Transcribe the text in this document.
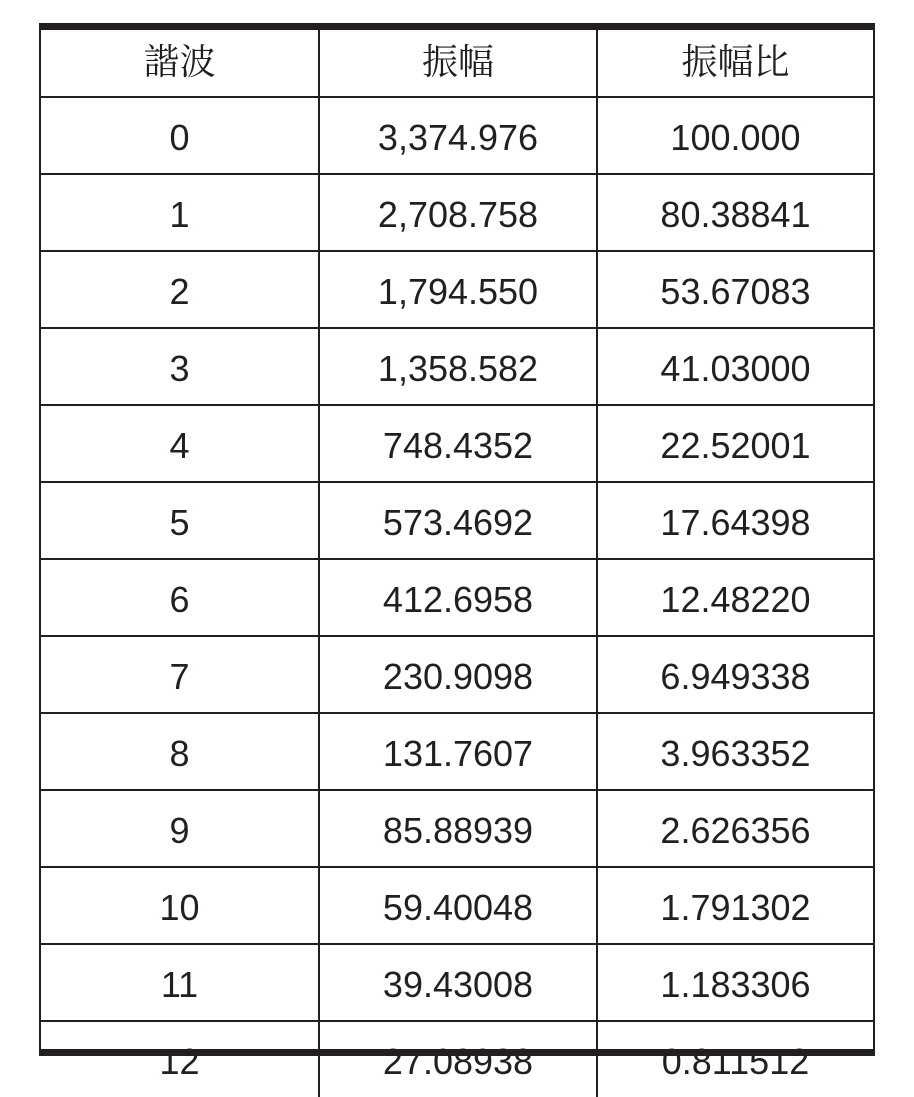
諧波	振幅	振幅比
0	3,374.976	100.000
1	2,708.758	80.38841
2	1,794.550	53.67083
3	1,358.582	41.03000
4	748.4352	22.52001
5	573.4692	17.64398
6	412.6958	12.48220
7	230.9098	6.949338
8	131.7607	3.963352
9	85.88939	2.626356
10	59.40048	1.791302
11	39.43008	1.183306
12	27.08938	0.811512
